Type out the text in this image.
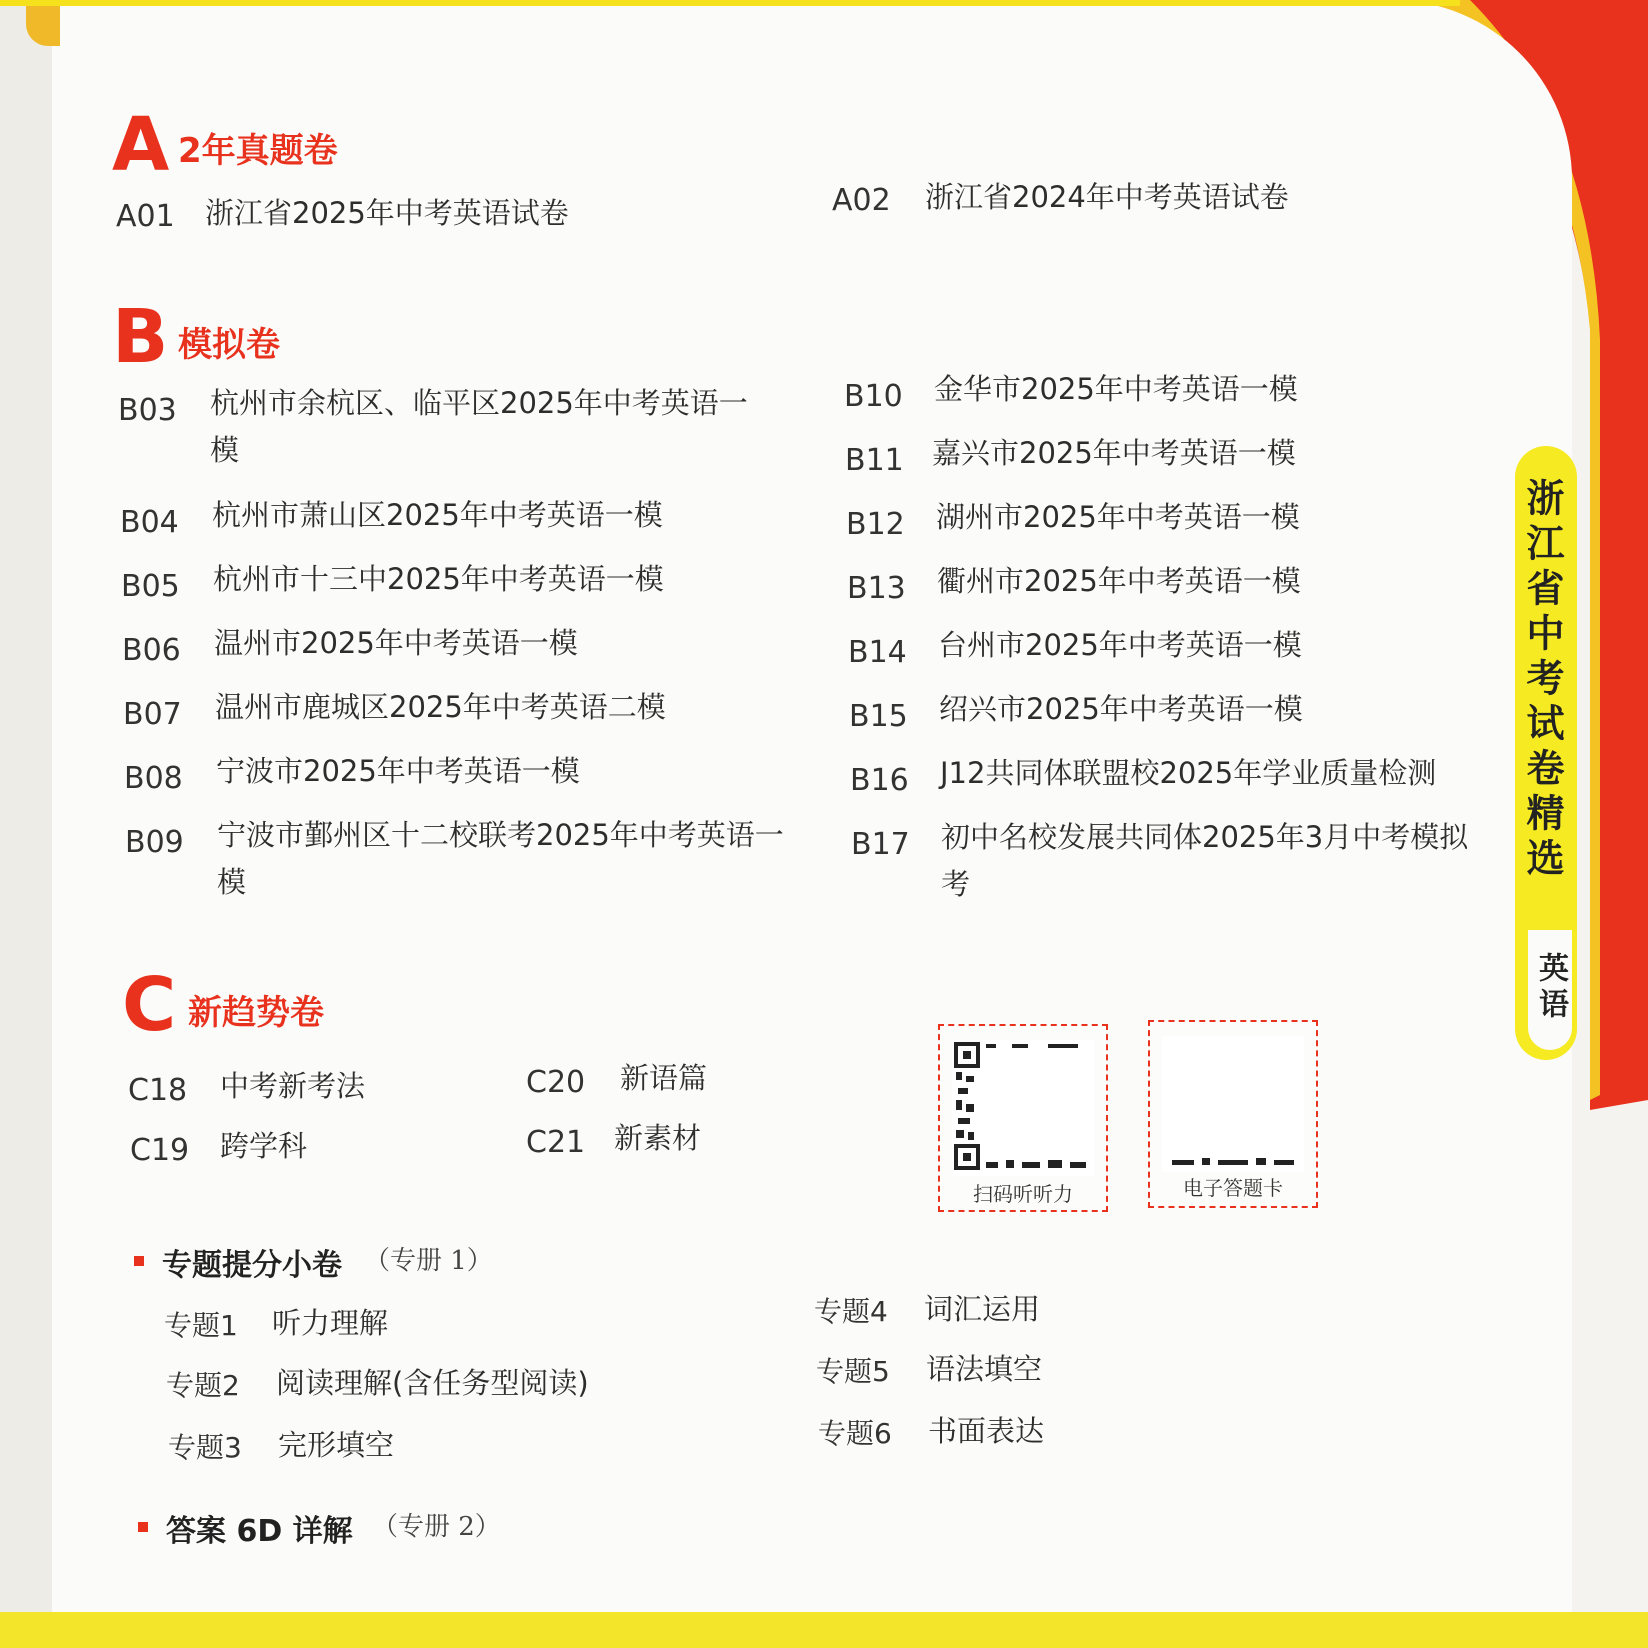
浙江省中考试卷精选
英语
A 2年真题卷
A01 浙江省2025年中考英语试卷	A02 浙江省2024年中考英语试卷
B 模拟卷
B03 杭州市余杭区、临平区2025年中考英语一模
B04 杭州市萧山区2025年中考英语一模
B05 杭州市十三中2025年中考英语一模
B06 温州市2025年中考英语一模
B07 温州市鹿城区2025年中考英语二模
B08 宁波市2025年中考英语一模
B09 宁波市鄞州区十二校联考2025年中考英语一模
B10 金华市2025年中考英语一模
B11 嘉兴市2025年中考英语一模
B12 湖州市2025年中考英语一模
B13 衢州市2025年中考英语一模
B14 台州市2025年中考英语一模
B15 绍兴市2025年中考英语一模
B16 J12共同体联盟校2025年学业质量检测
B17 初中名校发展共同体2025年3月中考模拟考
C 新趋势卷
C18 中考新考法
C19 跨学科
C20 新语篇
C21 新素材
扫码听听力	电子答题卡
专题提分小卷 （专册 1）
专题1 听力理解
专题2 阅读理解(含任务型阅读)
专题3 完形填空
专题4 词汇运用
专题5 语法填空
专题6 书面表达
答案 6D 详解 （专册 2）
